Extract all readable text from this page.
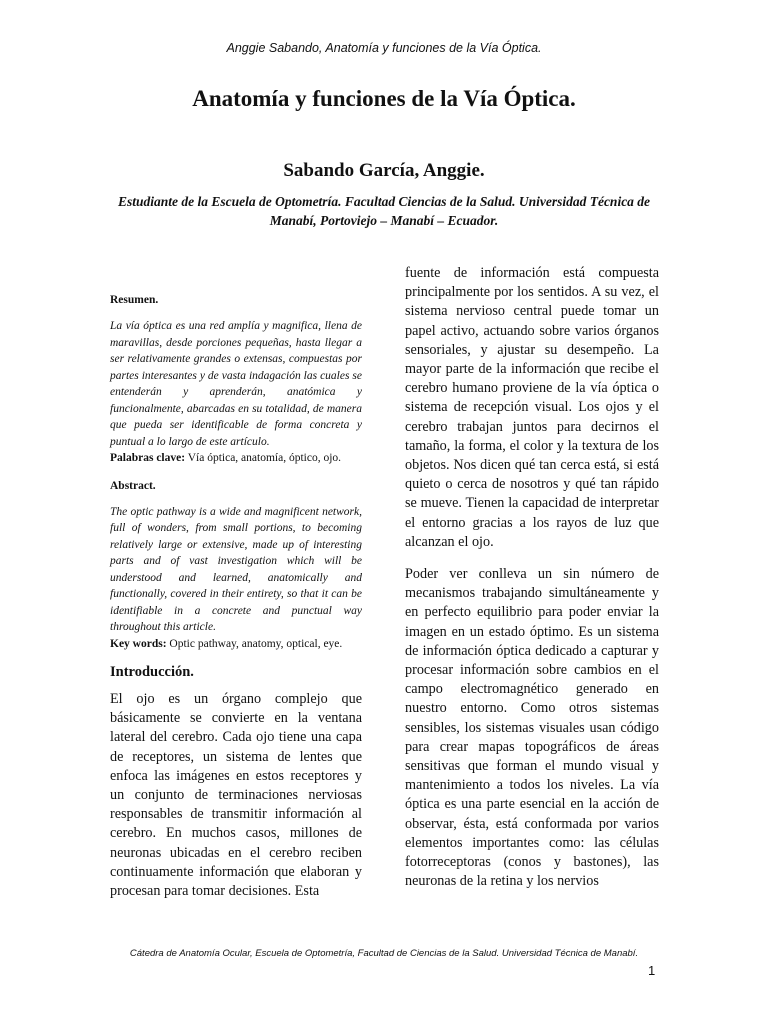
Anggie Sabando, Anatomía y funciones de la Vía Óptica.
Anatomía y funciones de la Vía Óptica.
Sabando García, Anggie.
Estudiante de la Escuela de Optometría. Facultad Ciencias de la Salud. Universidad Técnica de Manabí, Portoviejo – Manabí – Ecuador.

Resumen.

La vía óptica es una red amplía y magnifica, llena de maravillas, desde porciones pequeñas, hasta llegar a ser relativamente grandes o extensas, compuestas por partes interesantes y de vasta indagación las cuales se entenderán y aprenderán, anatómica y funcionalmente, abarcadas en su totalidad, de manera que pueda ser identificable de forma concreta y puntual a lo largo de este artículo.

Palabras clave: Vía óptica, anatomía, óptico, ojo.

Abstract.

The optic pathway is a wide and magnificent network, full of wonders, from small portions, to becoming relatively large or extensive, made up of interesting parts and of vast investigation which will be understood and learned, anatomically and functionally, covered in their entirety, so that it can be identifiable in a concrete and punctual way throughout this article.

Key words: Optic pathway, anatomy, optical, eye.

Introducción.

El ojo es un órgano complejo que básicamente se convierte en la ventana lateral del cerebro. Cada ojo tiene una capa de receptores, un sistema de lentes que enfoca las imágenes en estos receptores y un conjunto de terminaciones nerviosas responsables de transmitir información al cerebro. En muchos casos, millones de neuronas ubicadas en el cerebro reciben continuamente información que elaboran y procesan para tomar decisiones. Esta

fuente de información está compuesta principalmente por los sentidos. A su vez, el sistema nervioso central puede tomar un papel activo, actuando sobre varios órganos sensoriales, y ajustar su desempeño. La mayor parte de la información que recibe el cerebro humano proviene de la vía óptica o sistema de recepción visual. Los ojos y el cerebro trabajan juntos para decirnos el tamaño, la forma, el color y la textura de los objetos. Nos dicen qué tan cerca está, si está quieto o cerca de nosotros y qué tan rápido se mueve. Tienen la capacidad de interpretar el entorno gracias a los rayos de luz que alcanzan el ojo.

Poder ver conlleva un sin número de mecanismos trabajando simultáneamente y en perfecto equilibrio para poder enviar la imagen en un estado óptimo. Es un sistema de información óptica dedicado a capturar y procesar información sobre cambios en el campo electromagnético generado en nuestro entorno. Como otros sistemas sensibles, los sistemas visuales usan código para crear mapas topográficos de áreas sensitivas que forman el mundo visual y mantenimiento a todos los niveles. La vía óptica es una parte esencial en la acción de observar, ésta, está conformada por varios elementos importantes como: las células fotorreceptoras (conos y bastones), las neuronas de la retina y los nervios

Cátedra de Anatomía Ocular, Escuela de Optometría, Facultad de Ciencias de la Salud. Universidad Técnica de Manabí.
1
